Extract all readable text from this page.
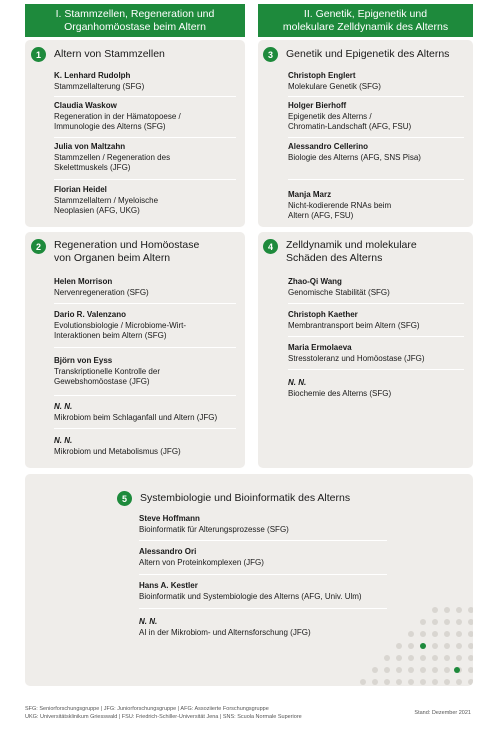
I. Stammzellen, Regeneration und
Organhomöostase beim Altern
II. Genetik, Epigenetik und
molekulare Zelldynamik des Alterns
1	Altern von Stammzellen
K. Lenhard Rudolph
Stammzellalterung (SFG)
Claudia Waskow
Regeneration in der Hämatopoese /
Immunologie des Alterns (SFG)
Julia von Maltzahn
Stammzellen / Regeneration des
Skelettmuskels (JFG)
Florian Heidel
Stammzellaltern / Myeloische
Neoplasien (AFG, UKG)
2	Regeneration und Homöostase
von Organen beim Altern
Helen Morrison
Nervenregeneration (SFG)
Dario R. Valenzano
Evolutionsbiologie / Microbiome-Wirt-
Interaktionen beim Altern (SFG)
Björn von Eyss
Transkriptionelle Kontrolle der
Gewebshomöostase (JFG)
N. N.
Mikrobiom beim Schlaganfall und Altern (JFG)
N. N.
Mikrobiom und Metabolismus (JFG)
3	Genetik und Epigenetik des Alterns
Christoph Englert
Molekulare Genetik (SFG)
Holger Bierhoff
Epigenetik des Alterns /
Chromatin-Landschaft (AFG, FSU)
Alessandro Cellerino
Biologie des Alterns (AFG, SNS Pisa)
Manja Marz
Nicht-kodierende RNAs beim
Altern (AFG, FSU)
4	Zelldynamik und molekulare
Schäden des Alterns
Zhao-Qi Wang
Genomische Stabilität (SFG)
Christoph Kaether
Membrantransport beim Altern (SFG)
Maria Ermolaeva
Stresstoleranz und Homöostase (JFG)
N. N.
Biochemie des Alterns (SFG)
5	Systembiologie und Bioinformatik des Alterns
Steve Hoffmann
Bioinformatik für Alterungsprozesse (SFG)
Alessandro Ori
Altern von Proteinkomplexen (JFG)
Hans A. Kestler
Bioinformatik und Systembiologie des Alterns (AFG, Univ. Ulm)
N. N.
AI in der Mikrobiom- und Alternsforschung (JFG)
SFG: Seniorforschungsgruppe | JFG: Juniorforschungsgruppe | AFG: Assoziierte Forschungsgruppe
UKG: Universitätsklinikum Griesswald | FSU: Friedrich-Schiller-Universität Jena | SNS: Scuola Normale Superiore
Stand: Dezember 2021
